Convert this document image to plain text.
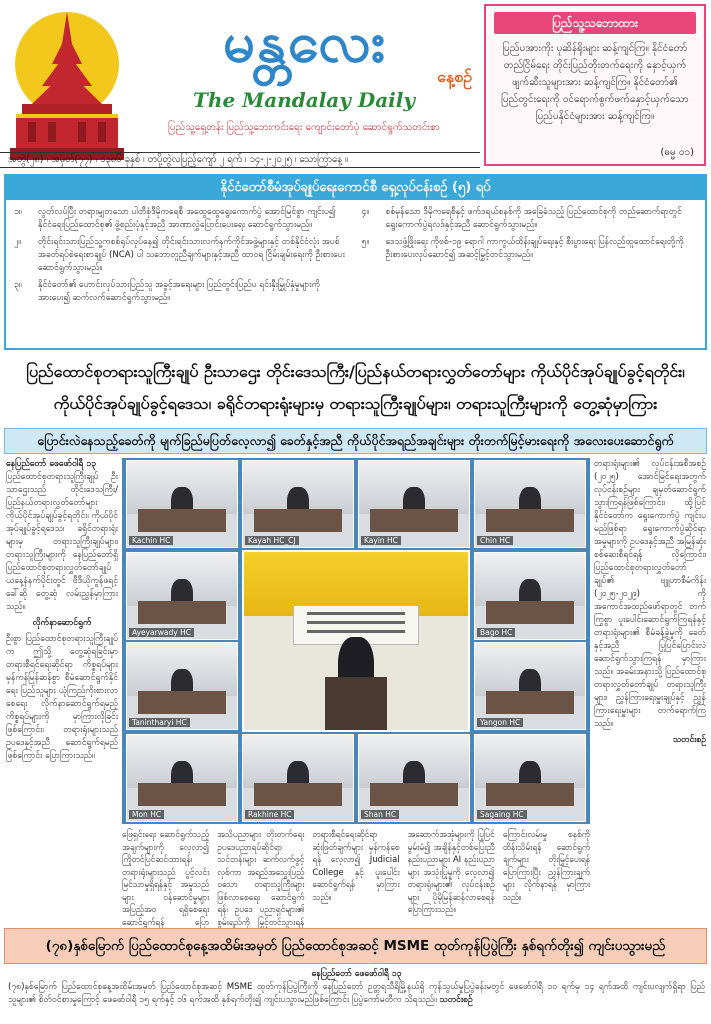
မန္တလေး
နေ့စဉ်
The Mandalay Daily
ပြည်သူ့ရှေ့တန်း ပြည်သူ့ဘေးကင်းရေး ကျောင်းတော်ပုံ ဆောင်ရွက်သတင်းစာ
အတွဲ(၂၈) ၊ အမှတ်(၇၇) ၊ ၁၃၈၆ ခုနှစ် ၊ တပို့တွဲလပြည့်ကျော် ၂ ရက် ၊ ၁၄-၂-၂၀၂၅ ၊ သောကြာနေ့ ။
ပြည်သူ့သဘောထား
ပြည်ပအားကိုး ပုဆိန်ရိုးများ ဆန့်ကျင်ကြ။ နိုင်ငံတော် တည်ငြိမ်ရေး တိုင်းပြည်တိုးတက်ရေးကို နှောင့်ယှက်ဖျက်ဆီးသူများအား ဆန့်ကျင်ကြ။ နိုင်ငံတော်၏ ပြည်တွင်းရေးကို ဝင်ရောက်စွက်ဖက်နှောင့်ယှက်သော ပြည်ပနိုင်ငံများအား ဆန့်ကျင်ကြ။
(ဓမ္မ ၀၁)
နိုင်ငံတော်စီမံအုပ်ချုပ်ရေးကောင်စီ ရှေ့လုပ်ငန်းစဉ် (၅) ရပ်
၁။	လွတ်လပ်ပြီး တရားမျှတသော ပါတီစုံဒီမိုကရေစီ အထွေထွေရွေးကောက်ပွဲ အောင်မြင်စွာ ကျင်းပ၍ နိုင်ငံရေးပြည်ထောင်စု၏ ဖွဲ့စည်းပုံနှင့်အညီ အာဏာလွှဲပြောင်းပေးရေး ဆောင်ရွက်သွားမည်။
၂။	တိုင်းရင်းသားပြည်သူ့ကစစ်ရုပ်လုပ်နေ၍ တိုင်းရင်းသားလက်နက်ကိုင်အဖွဲ့များနှင့် တစ်နိုင်ငံလုံး အပစ်အခတ်ရပ်စဲရေးစာချုပ် (NCA) ပါ သဘောတူညီချက်များနှင့်အညီ ထာဝရ ငြိမ်းချမ်းရေးကို ဦးစားပေးဆောင်ရွက်သွားမည်။
၃။	နိုင်ငံတော်၏ ဟောင်းလုပ်သားပြည်သူ အခွင့်အရေးများ ပြည်တွင်းပြည်ပ ရင်းနှီးမြှုပ်နှံမှုများကို အားပေး၍ ဆက်လက်ဆောင်ရွက်သွားမည်။
၄။	စစ်မှန်သော ဒီမိုကရေစီနှင့် ဖက်ဒရယ်စနစ်ကို အခြေခံသည့် ပြည်ထောင်စုကို တည်ဆောက်ရာတွင် ရွေးကောက်ပွဲရလဒ်နှင့်အညီ ဆောင်ရွက်သွားမည်။
၅။	ဒေသဖွံ့ဖြိုးရေး ကိုဗစ်-၁၉ ရောဂါ ကာကွယ်ထိန်းချုပ်ရေးနှင့် စီးပွားရေး ပြန်လည်ထူထောင်ရေးတို့ကို ဦးစားပေးလုပ်ဆောင်၍ အဆင့်မြှင့်တင်သွားမည်။
ပြည်ထောင်စုတရားသူကြီးချုပ် ဦးသာဌေး တိုင်းဒေသကြီး/ပြည်နယ်တရားလွှတ်တော်များ ကိုယ်ပိုင်အုပ်ချုပ်ခွင့်ရတိုင်း၊
ကိုယ်ပိုင်အုပ်ချုပ်ခွင့်ရဒေသ၊ ခရိုင်တရားရုံးများမှ တရားသူကြီးချုပ်များ၊ တရားသူကြီးများကို တွေ့ဆုံမှာကြား
ပြောင်းလဲနေသည့်ခေတ်ကို မျက်ခြည်မပြတ်လေ့လာ၍ ခေတ်နှင့်အညီ ကိုယ်ပိုင်အရည်အချင်းများ တိုးတက်မြင့်မားရေးကို အလေးပေးဆောင်ရွက်
နေပြည်တော် ဖေဖော်ဝါရီ ၁၃

ပြည်ထောင်စုတရားသူကြီးချုပ် ဦးသာဌေးသည် တိုင်းဒေသကြီး/ပြည်နယ်တရားလွှတ်တော်များ ကိုယ်ပိုင်အုပ်ချုပ်ခွင့်ရတိုင်း၊ ကိုယ်ပိုင်အုပ်ချုပ်ခွင့်ရဒေသ၊ ခရိုင်တရားရုံးများမှ တရားသူကြီးချုပ်များ၊ တရားသူကြီးများကို နေပြည်တော်ရှိ ပြည်ထောင်စုတရားလွှတ်တော်ချုပ် ယနေ့နံနက်ပိုင်းတွင် ဗီဒီယိုကွန်ဖရင့်ခေါ်ဆို တွေ့ဆုံ လမ်းညွှန်မှာကြားသည်။

လိုက်နာဆောင်ရွက်

ဦးစွာ ပြည်ထောင်စုတရားသူကြီးချုပ်က ဤသို့ တွေ့ဆုံရခြင်းမှာ တရားစီရင်ရေးဆိုင်ရာ ကိစ္စရပ်များ မှန်ကန်မြန်ဆန်စွာ စီမံဆောင်ရွက်နိုင်ရေး ပြည်သူများ ယုံကြည်ကိုးစားလာစေရေး လိုက်နာဆောင်ရွက်ရမည့် ကိစ္စရပ်များကို မှာကြားလိုခြင်းဖြစ်ကြောင်း၊ တရားရုံးများသည် ဥပဒေနှင့်အညီ ဆောင်ရွက်ရမည်ဖြစ်ကြောင်း ပြောကြားသည်။

Kachin HC	Kayah HC_CJ	Kayin HC	Chin HC
Ayeyarwady HC	Bago HC
Tanintharyi HC	Yangon HC
Mon HC	Rakhine HC	Shan HC	Sagaing HC

တရားရုံးများ၏ လုပ်ငန်းအစီအစဉ် (၂၀၂၅) အောင်မြင်ရေးအတွက် လုပ်ငန်းစဉ်များ ချမှတ်ဆောင်ရွက်သွားကြရန်ဖြစ်ကြောင်း၊ ထို့ပြင် နိုင်ငံတော်က ရွေးကောက်ပွဲ ကျင်းပမည်ဖြစ်ရာ ရွေးကောက်ပွဲဆိုင်ရာ အမှုများကို ဥပဒေနှင့်အညီ အမြန်ဆုံး စစ်ဆေးစီရင်ရန် လိုကြောင်း၊ ပြည်ထောင်စုတရားလွှတ်တော်ချုပ်၏ ဗျူဟာစီမံကိန်း (၂၀၂၅-၂၀၂၉) ကို အကောင်အထည်ဖော်ရာတွင် တက်ကြွစွာ ပူးပေါင်းဆောင်ရွက်ကြရန်နှင့် တရားရုံးများ၏ စီမံခန့်ခွဲမှုကို ခေတ်နှင့်အညီ ပြုပြင်ပြောင်းလဲ ဆောင်ရွက်သွားကြရန် မှာကြားသည်။ အခမ်းအနားသို့ ပြည်ထောင်စုတရားလွှတ်တော်ချုပ် တရားသူကြီးများ၊ ညွှန်ကြားရေးမှူးချုပ်နှင့် ညွှန်ကြားရေးမှူးများ တက်ရောက်ကြသည်။

သတင်းစဉ်
ဖြေရှင်းရေး ဆောင်ရွက်သည့်အချက်များကို လေ့လာ၍ ကြိုတင်ပြင်ဆင်ထားရန်၊ တရားရုံးများသည် ပွင့်လင်းမြင်သာမှုရှိရန်နှင့် အမှုသည်များ ဝန်ဆောင်မှုများ အပြည့်အဝ ရရှိစေရေး ဆောင်ရွက်ရန် ပြော
အသိပညာများ တိုးတက်ရေး ဥပဒေပညာရပ်ဆိုင်ရာ သင်တန်းများ ဆက်လက်ဖွင့်လှစ်ကာ အရည်အသွေးပြည့်ဝသော တရားသူကြီးများ ဖြစ်လာစေရေး ဆောင်ရွက်ရန်၊ ဥပဒေ ပညာရှင်များ၏ စွမ်းရည်ကို မြှင့်တင်သွားရန်
တရားစီရင်ရေးဆိုင်ရာ ဆုံးဖြတ်ချက်များ မှန်ကန်စေရန် လေ့လာ၍ Judicial College နှင့် ပူးပေါင်းဆောင်ရွက်ရန် မှာကြားသည်။
အဆောက်အအုံများကို ပြုပြင်မွမ်းမံ၍ အချိန်နှင့်တစ်ပြေးညီ နည်းပညာများ AI နည်းပညာများ အသုံးပြုမှုကို လေ့လာ၍ တရားရုံးများ၏ လုပ်ငန်းစဉ်များ ပိုမိုမြန်ဆန်လာစေရန် ပြောကြားသည်။
ကြောင်းလမ်းမှု စနစ်ကို ထိန်းသိမ်းရန် ဆောင်ရွက်ချက်များ တိုးမြှင့်ပေးရန် ပြောကြားပြီး ညွှန်ကြားချက်များ လိုက်နာရန် မှာကြားသည်။
(၇၈)နှစ်မြောက် ပြည်ထောင်စုနေ့အထိမ်းအမှတ် ပြည်ထောင်စုအဆင့် MSME ထုတ်ကုန်ပြပွဲကြီး နှစ်ရက်တိုး၍ ကျင်းပသွားမည်
နေပြည်တော် ဖေဖော်ဝါရီ ၁၃
(၇၈)နှစ်မြောက် ပြည်ထောင်စုနေ့အထိမ်းအမှတ် ပြည်ထောင်စုအဆင့် MSME ထုတ်ကုန်ပြပွဲကြီးကို နေပြည်တော် ဥတ္တရသီရိမြို့နယ်ရှိ ကုန်သွယ်မှုပြပွဲခန်းမတွင် ဖေဖော်ဝါရီ ၁၀ ရက်မှ ၁၄ ရက်အထိ ကျင်းပလျက်ရှိရာ ပြည်သူများ၏ စိတ်ဝင်စားမှုကြောင့် ဖေဖော်ဝါရီ ၁၅ ရက်နှင့် ၁၆ ရက်အထိ နှစ်ရက်တိုး၍ ကျင်းပသွားမည်ဖြစ်ကြောင်း ပြပွဲကော်မတီက သိရသည်။ သတင်းစဉ်
